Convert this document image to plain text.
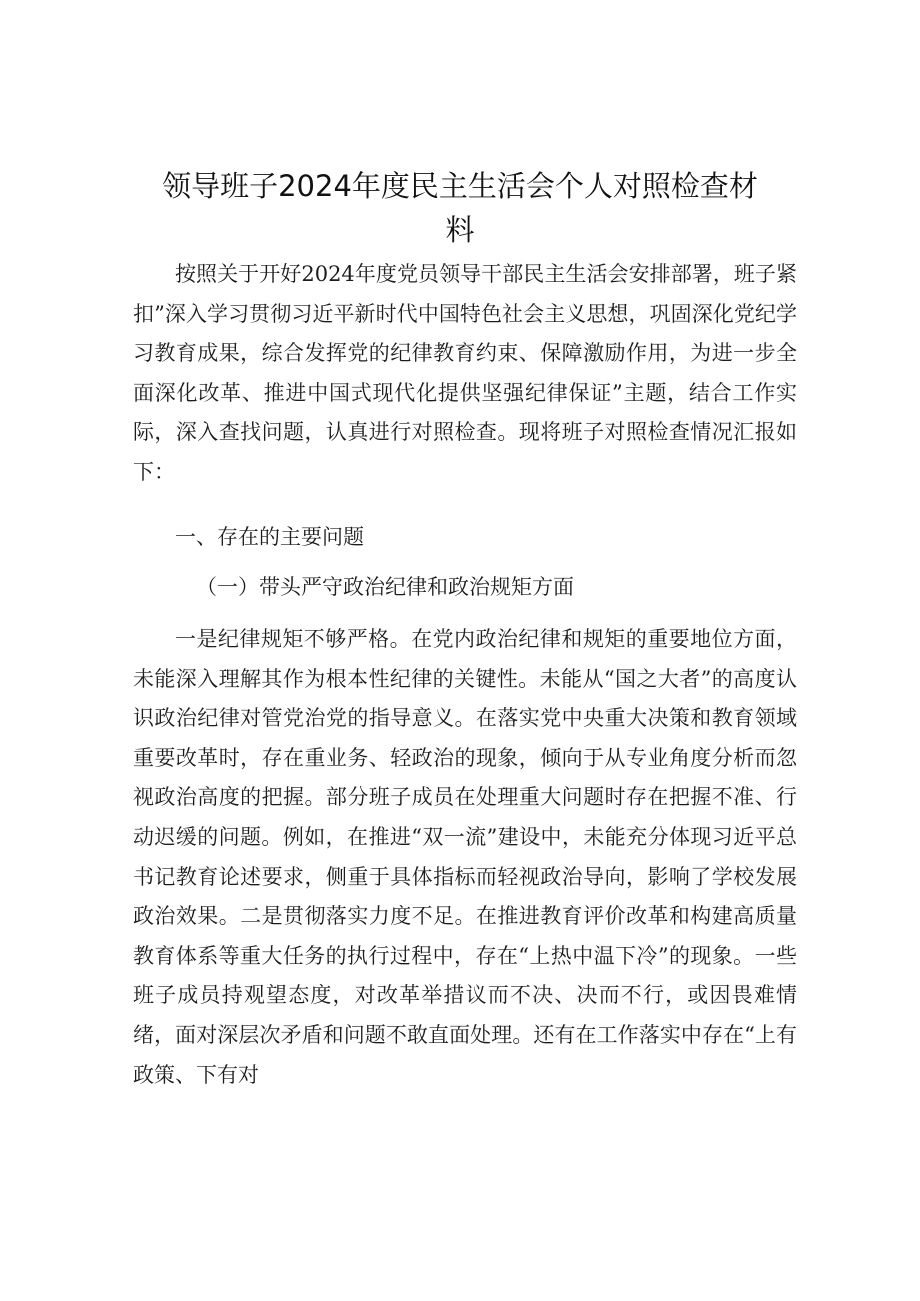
领导班子2024年度民主生活会个人对照检查材料

按照关于开好2024年度党员领导干部民主生活会安排部署，班子紧扣”深入学习贯彻习近平新时代中国特色社会主义思想，巩固深化党纪学习教育成果，综合发挥党的纪律教育约束、保障激励作用，为进一步全面深化改革、推进中国式现代化提供坚强纪律保证”主题，结合工作实际，深入查找问题，认真进行对照检查。现将班子对照检查情况汇报如下：

一、存在的主要问题

（一）带头严守政治纪律和政治规矩方面

一是纪律规矩不够严格。在党内政治纪律和规矩的重要地位方面，未能深入理解其作为根本性纪律的关键性。未能从“国之大者”的高度认识政治纪律对管党治党的指导意义。在落实党中央重大决策和教育领域重要改革时，存在重业务、轻政治的现象，倾向于从专业角度分析而忽视政治高度的把握。部分班子成员在处理重大问题时存在把握不准、行动迟缓的问题。例如，在推进“双一流”建设中，未能充分体现习近平总书记教育论述要求，侧重于具体指标而轻视政治导向，影响了学校发展政治效果。二是贯彻落实力度不足。在推进教育评价改革和构建高质量教育体系等重大任务的执行过程中，存在“上热中温下冷”的现象。一些班子成员持观望态度，对改革举措议而不决、决而不行，或因畏难情绪，面对深层次矛盾和问题不敢直面处理。还有在工作落实中存在“上有政策、下有对
